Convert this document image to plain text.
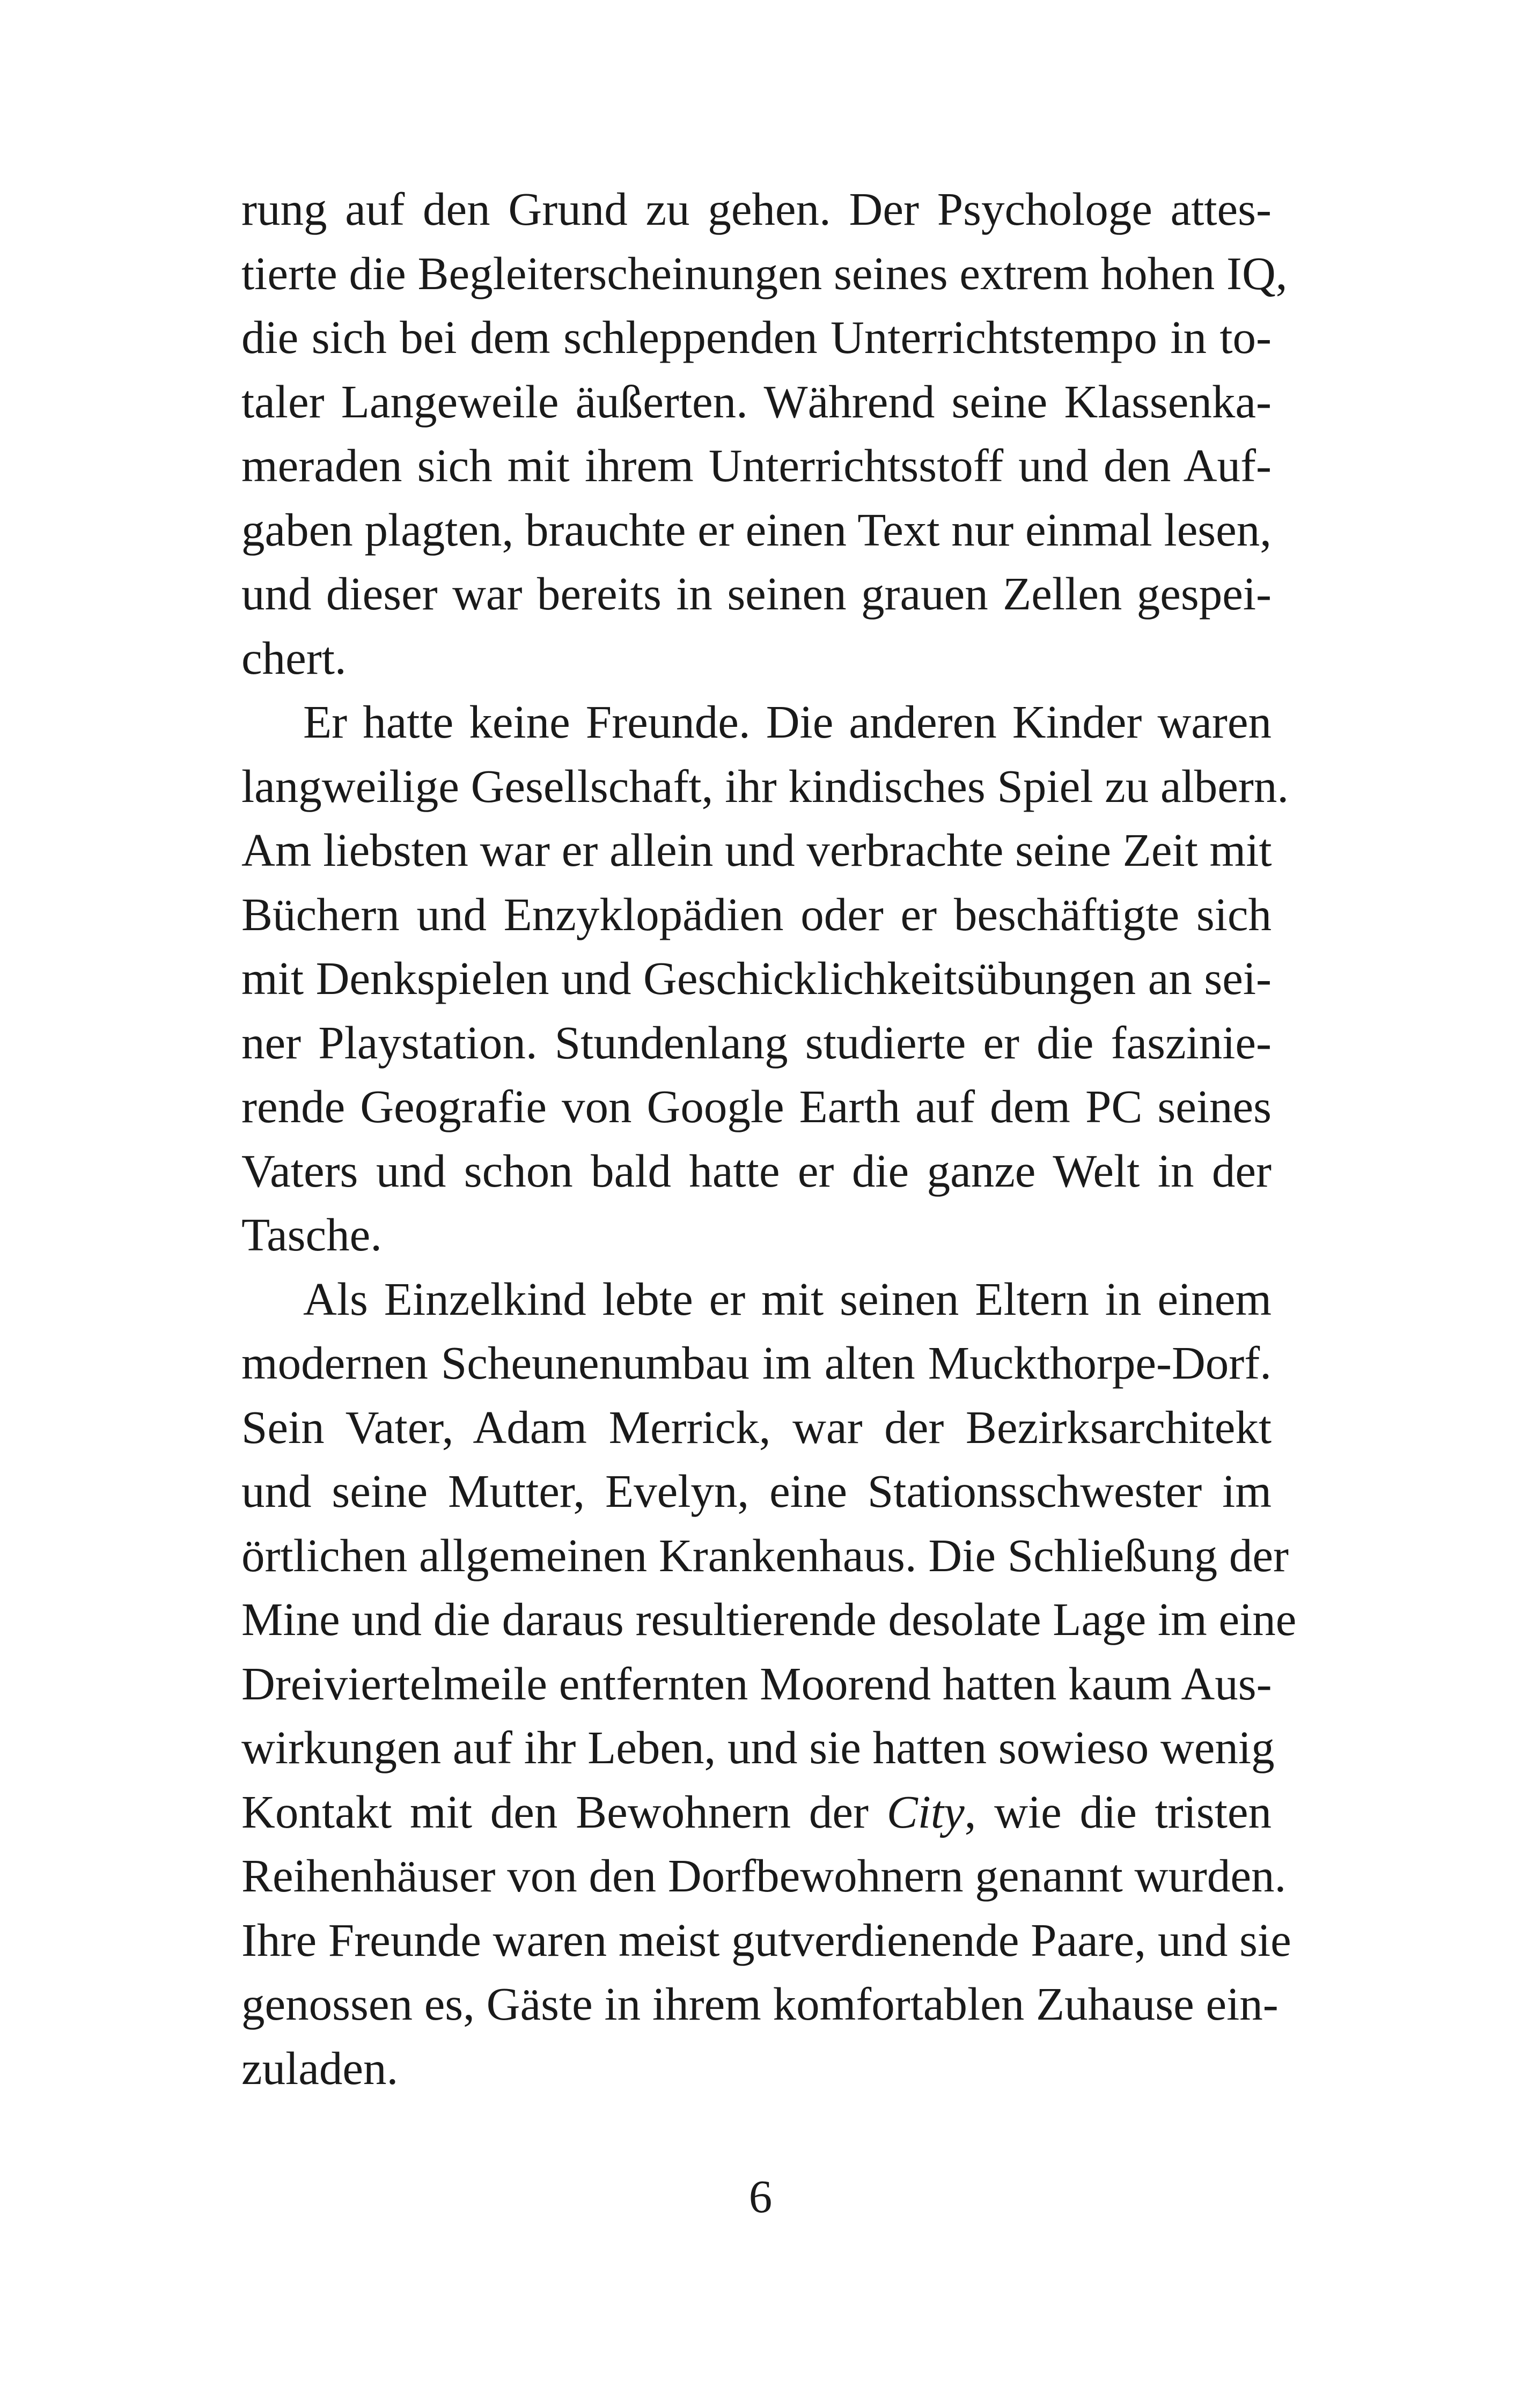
rung auf den Grund zu gehen. Der Psychologe attes-
tierte die Begleiterscheinungen seines extrem hohen IQ,
die sich bei dem schleppenden Unterrichtstempo in to-
taler Langeweile äußerten. Während seine Klassenka-
meraden sich mit ihrem Unterrichtsstoff und den Auf-
gaben plagten, brauchte er einen Text nur einmal lesen,
und dieser war bereits in seinen grauen Zellen gespei-
chert.
Er hatte keine Freunde. Die anderen Kinder waren
langweilige Gesellschaft, ihr kindisches Spiel zu albern.
Am liebsten war er allein und verbrachte seine Zeit mit
Büchern und Enzyklopädien oder er beschäftigte sich
mit Denkspielen und Geschicklichkeitsübungen an sei-
ner Playstation. Stundenlang studierte er die faszinie-
rende Geografie von Google Earth auf dem PC seines
Vaters und schon bald hatte er die ganze Welt in der
Tasche.
Als Einzelkind lebte er mit seinen Eltern in einem
modernen Scheunenumbau im alten Muckthorpe-Dorf.
Sein Vater, Adam Merrick, war der Bezirksarchitekt
und seine Mutter, Evelyn, eine Stationsschwester im
örtlichen allgemeinen Krankenhaus. Die Schließung der
Mine und die daraus resultierende desolate Lage im eine
Dreiviertelmeile entfernten Moorend hatten kaum Aus-
wirkungen auf ihr Leben, und sie hatten sowieso wenig
Kontakt mit den Bewohnern der City, wie die tristen
Reihenhäuser von den Dorfbewohnern genannt wurden.
Ihre Freunde waren meist gutverdienende Paare, und sie
genossen es, Gäste in ihrem komfortablen Zuhause ein-
zuladen.
6
